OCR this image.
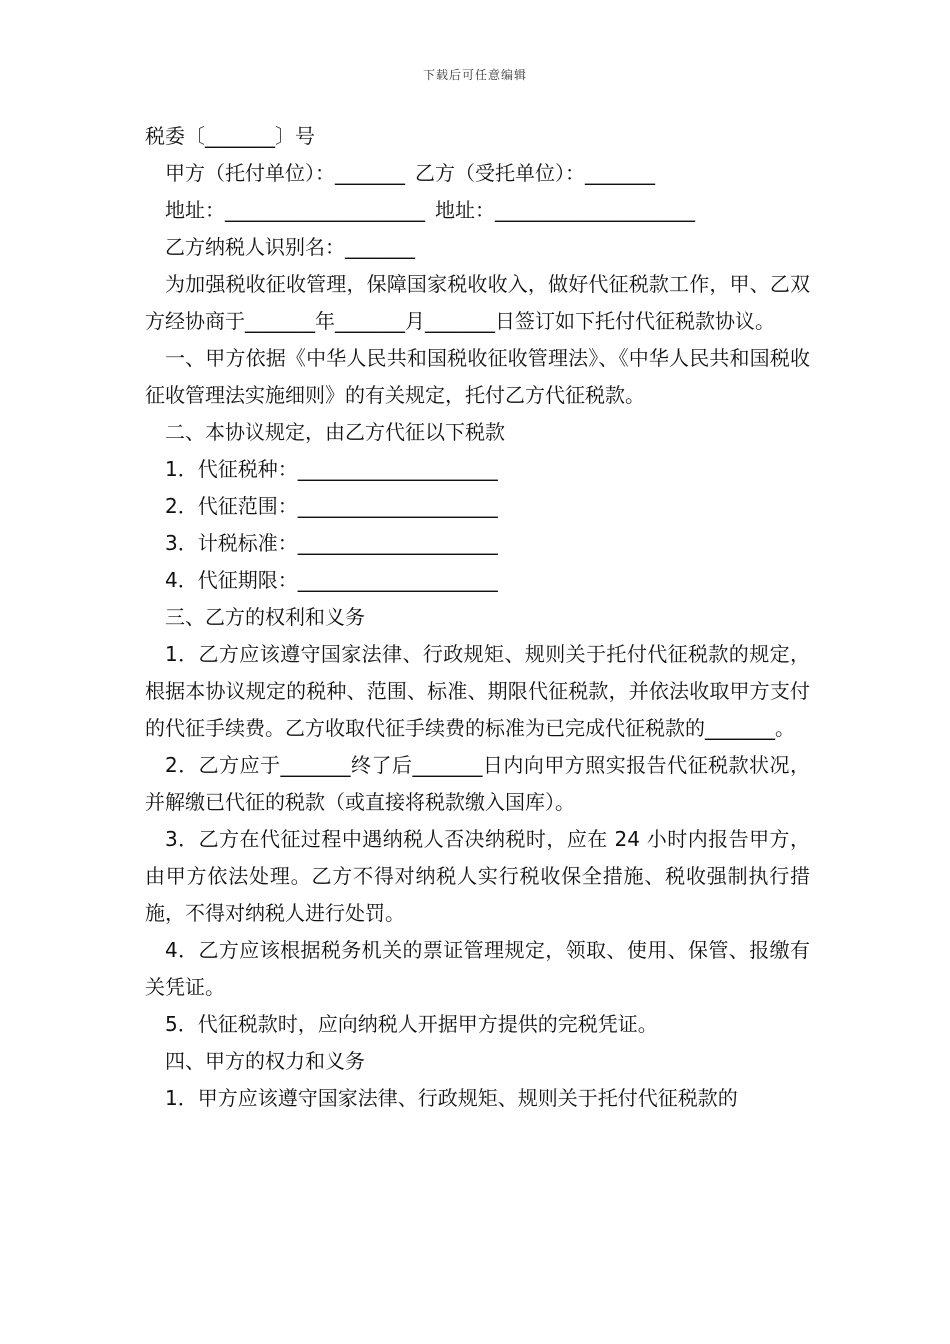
下载后可任意编辑
税委〔_______〕号
甲方（托付单位）：_______ 乙方（受托单位）：_______
地址：____________________ 地址：____________________
乙方纳税人识别名：_______
为加强税收征收管理，保障国家税收收入，做好代征税款工作，甲、乙双方经协商于_______年_______月_______日签订如下托付代征税款协议。
一、甲方依据《中华人民共和国税收征收管理法》、《中华人民共和国税收征收管理法实施细则》的有关规定，托付乙方代征税款。
二、本协议规定，由乙方代征以下税款
1．代征税种：____________________
2．代征范围：____________________
3．计税标准：____________________
4．代征期限：____________________
三、乙方的权利和义务
1．乙方应该遵守国家法律、行政规矩、规则关于托付代征税款的规定，根据本协议规定的税种、范围、标准、期限代征税款，并依法收取甲方支付的代征手续费。乙方收取代征手续费的标准为已完成代征税款的_______。
2．乙方应于_______终了后_______日内向甲方照实报告代征税款状况，并解缴已代征的税款（或直接将税款缴入国库）。
3．乙方在代征过程中遇纳税人否决纳税时，应在 24 小时内报告甲方，由甲方依法处理。乙方不得对纳税人实行税收保全措施、税收强制执行措施，不得对纳税人进行处罚。
4．乙方应该根据税务机关的票证管理规定，领取、使用、保管、报缴有关凭证。
5．代征税款时，应向纳税人开据甲方提供的完税凭证。
四、甲方的权力和义务
1．甲方应该遵守国家法律、行政规矩、规则关于托付代征税款的
